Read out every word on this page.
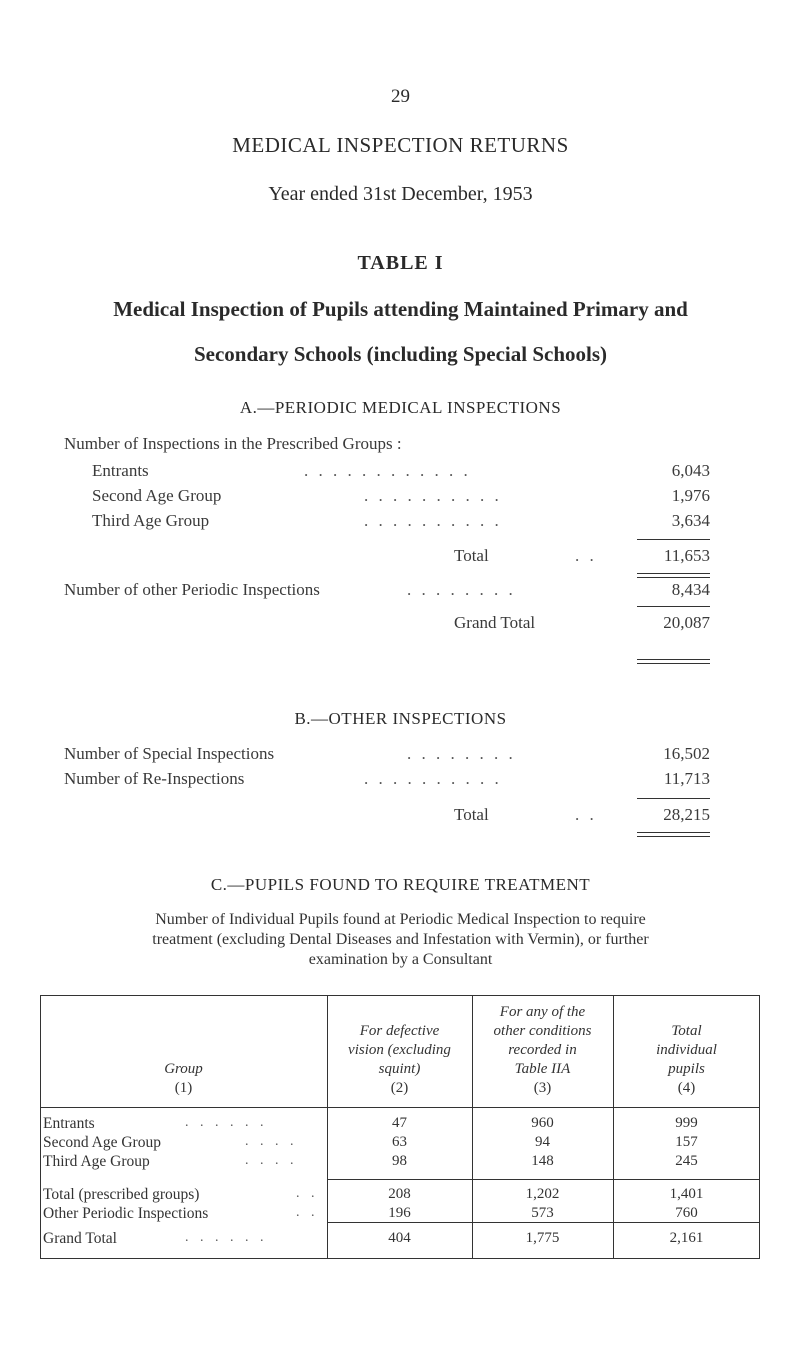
29
MEDICAL INSPECTION RETURNS
Year ended 31st December, 1953
TABLE I
Medical Inspection of Pupils attending Maintained Primary and
Secondary Schools (including Special Schools)
A.—PERIODIC MEDICAL INSPECTIONS
Number of Inspections in the Prescribed Groups :
Entrants	. . . . . . . . . . . .	6,043
Second Age Group	. . . . . . . . . .	1,976
Third Age Group	. . . . . . . . . .	3,634
Total	. .	11,653
Number of other Periodic Inspections	. . . . . . . .	8,434
Grand Total	20,087
B.—OTHER INSPECTIONS
Number of Special Inspections	. . . . . . . .	16,502
Number of Re-Inspections	. . . . . . . . . .	11,713
Total	. .	28,215
C.—PUPILS FOUND TO REQUIRE TREATMENT
Number of Individual Pupils found at Periodic Medical Inspection to require
treatment (excluding Dental Diseases and Infestation with Vermin), or further
examination by a Consultant
Group
(1)
For defective
vision (excluding
squint)
(2)
For any of the
other conditions
recorded in
Table IIA
(3)
Total
individual
pupils
(4)
Entrants	. . . . . .	47	960	999
Second Age Group	. . . .	63	94	157
Third Age Group	. . . .	98	148	245
Total (prescribed groups)	. .	208	1,202	1,401
Other Periodic Inspections	. .	196	573	760
Grand Total	. . . . . .	404	1,775	2,161
